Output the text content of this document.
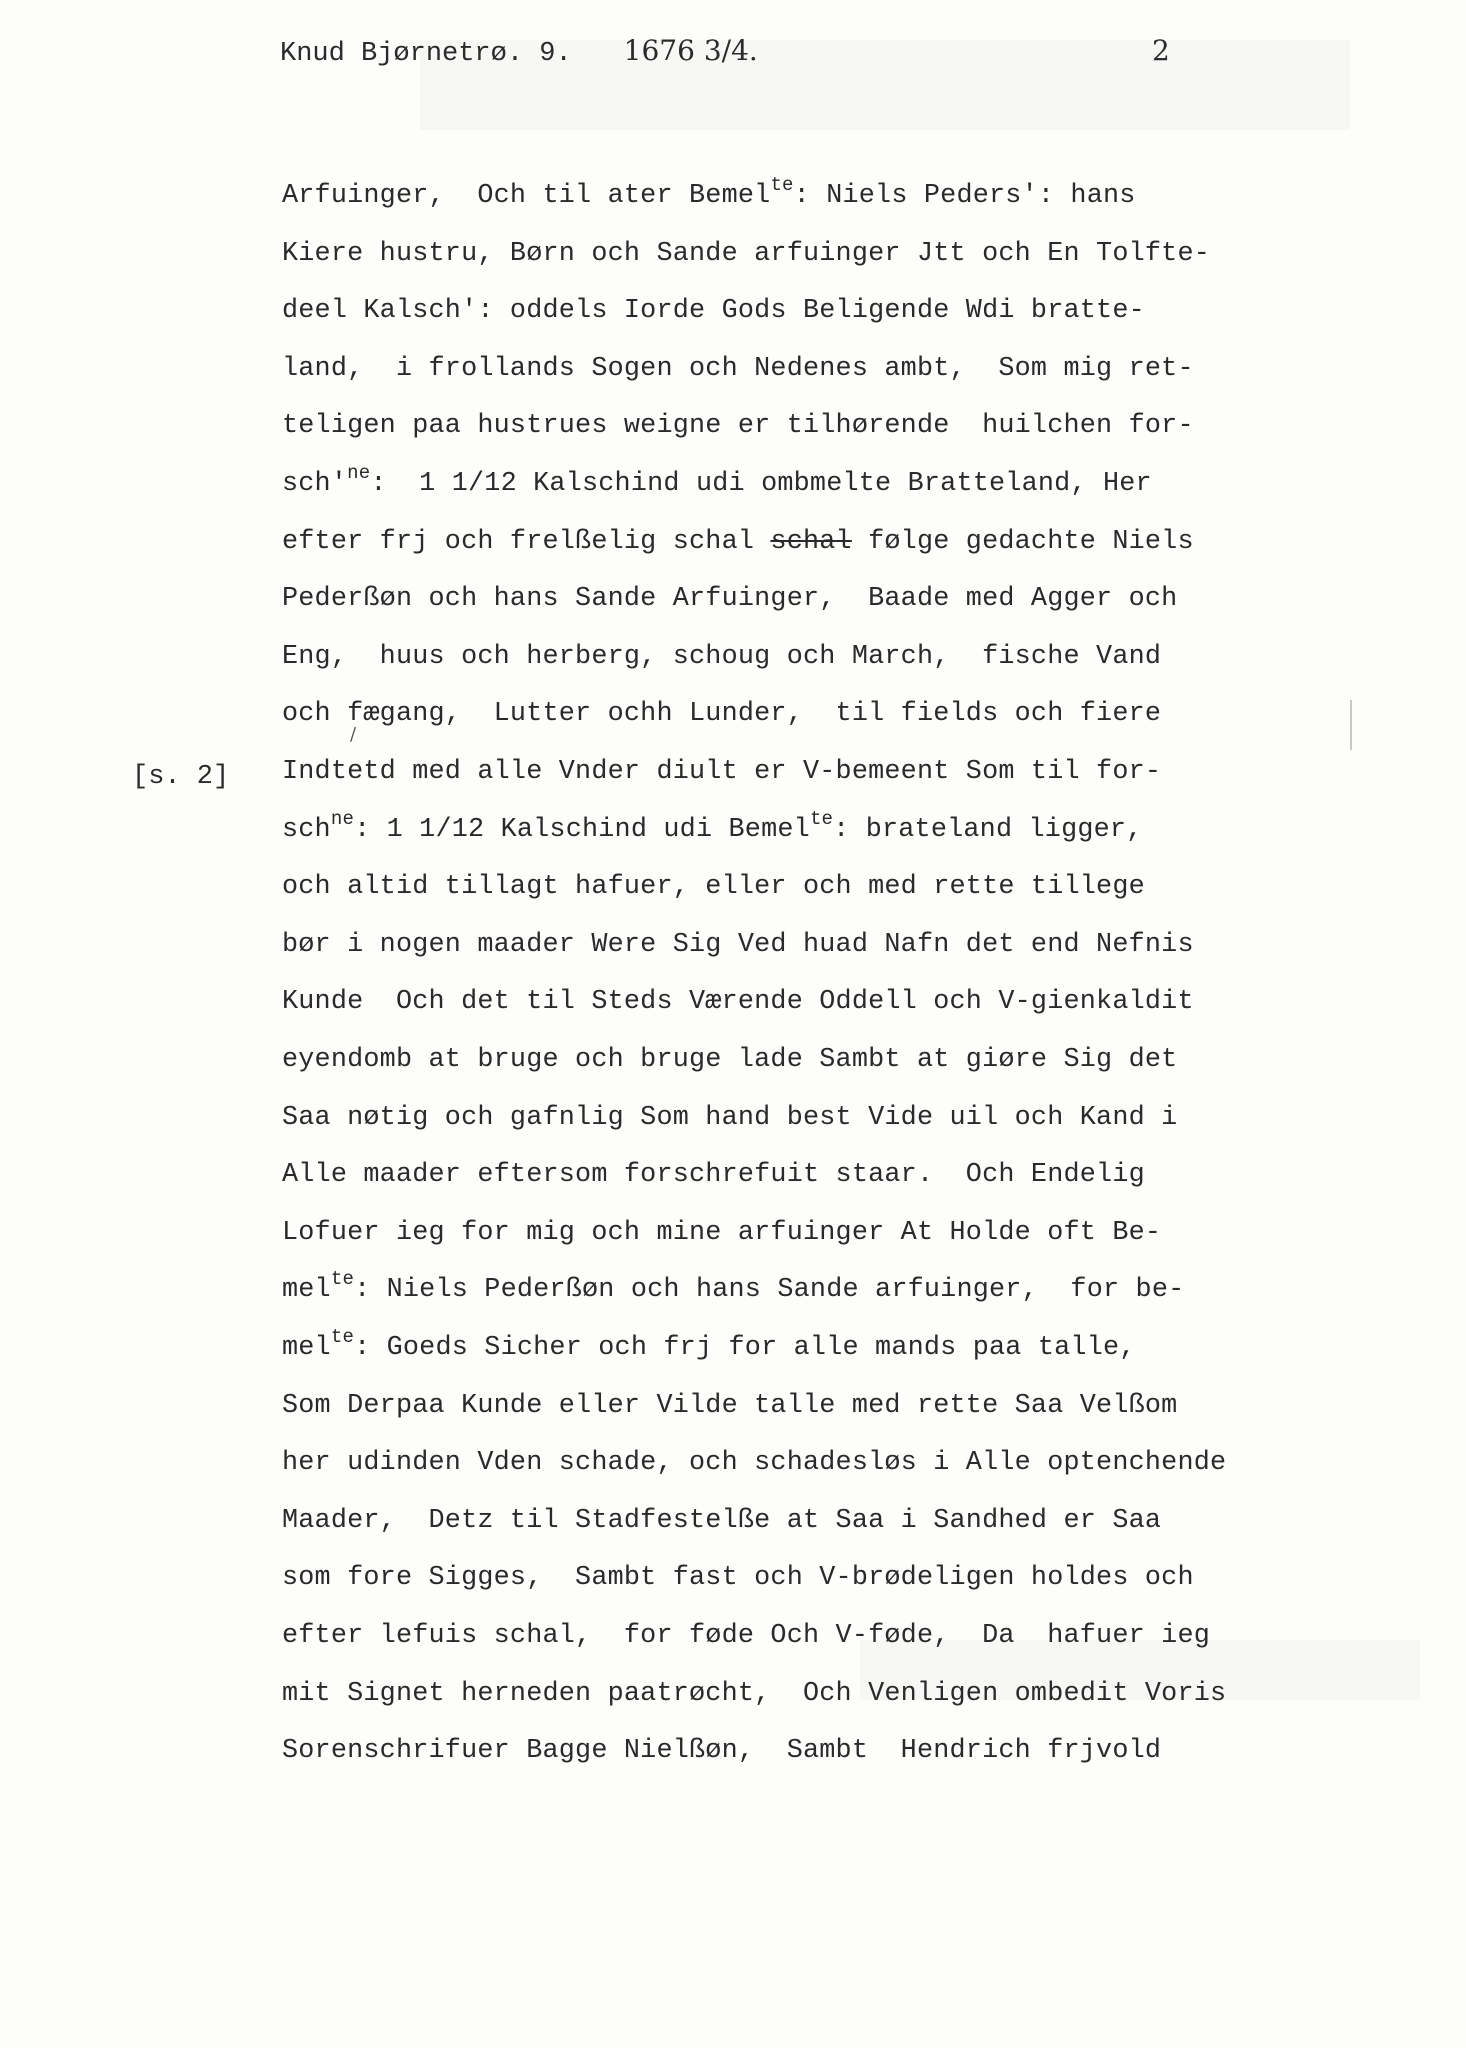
Knud Bjørnetrø. 9. 1676 3/4.	2
[s. 2]
Arfuinger,  Och til ater Bemel$^{te}$: Niels Peders': hans
Kiere hustru, Børn och Sande arfuinger Jtt och En Tolfte-
deel Kalsch': oddels Iorde Gods Beligende Wdi bratte-
land,  i frollands Sogen och Nedenes ambt,  Som mig ret-
teligen paa hustrues weigne er tilhørende  huilchen for-
$sch'^{ne}$:  1 1/12 Kalschind udi ombmelte Bratteland, Her
efter frj och frelßelig schal schal følge gedachte Niels
Pederßøn och hans Sande Arfuinger,  Baade med Agger och
Eng,  huus och herberg, schoug och March,  fische Vand
och fægang,  Lutter ochh Lunder,  til fields och fiere
Indtetd med alle Vnder diult er V-bemeent Som til for-
sch$^{ne}$: 1 1/12 Kalschind udi Bemel$^{te}$: brateland ligger,
och altid tillagt hafuer, eller och med rette tillege
bør i nogen maader Were Sig Ved huad Nafn det end Nefnis
Kunde  Och det til Steds Værende Oddell och V-gienkaldit
eyendomb at bruge och bruge lade Sambt at giøre Sig det
Saa nøtig och gafnlig Som hand best Vide uil och Kand i
Alle maader eftersom forschrefuit staar.  Och Endelig
Lofuer ieg for mig och mine arfuinger At Holde oft Be-
mel$^{te}$: Niels Pederßøn och hans Sande arfuinger,  for be-
mel$^{te}$: Goeds Sicher och frj for alle mands paa talle,
Som Derpaa Kunde eller Vilde talle med rette Saa Velßom
her udinden Vden schade, och schadesløs i Alle optenchende
Maader,  Detz til Stadfestelße at Saa i Sandhed er Saa
som fore Sigges,  Sambt fast och V-brødeligen holdes och
efter lefuis schal,  for føde Och V-føde,  Da  hafuer ieg
mit Signet herneden paatrøcht,  Och Venligen ombedit Voris
Sorenschrifuer Bagge Nielßøn,  Sambt  Hendrich frjvold
/
